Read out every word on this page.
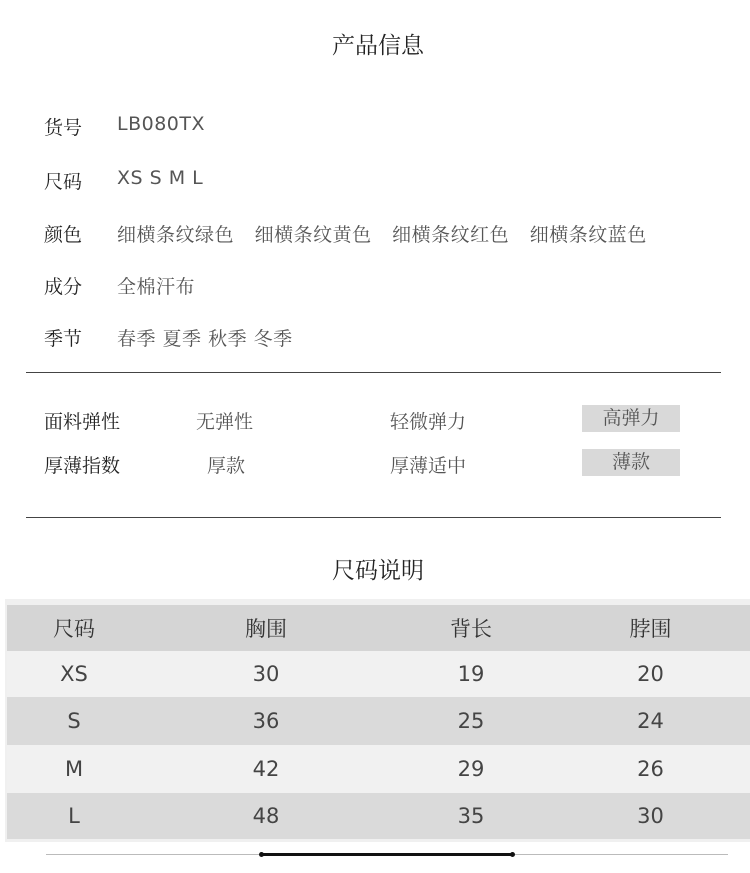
产品信息
货号 LB080TX
尺码 XS S M L
颜色 细横条纹绿色 细横条纹黄色 细横条纹红色 细横条纹蓝色
成分 全棉汗布
季节 春季 夏季 秋季 冬季
面料弹性	无弹性	轻微弹力	高弹力
厚薄指数	厚款	厚薄适中	薄款
尺码说明
尺码	胸围	背长	脖围
XS	30	19	20
S	36	25	24
M	42	29	26
L	48	35	30
